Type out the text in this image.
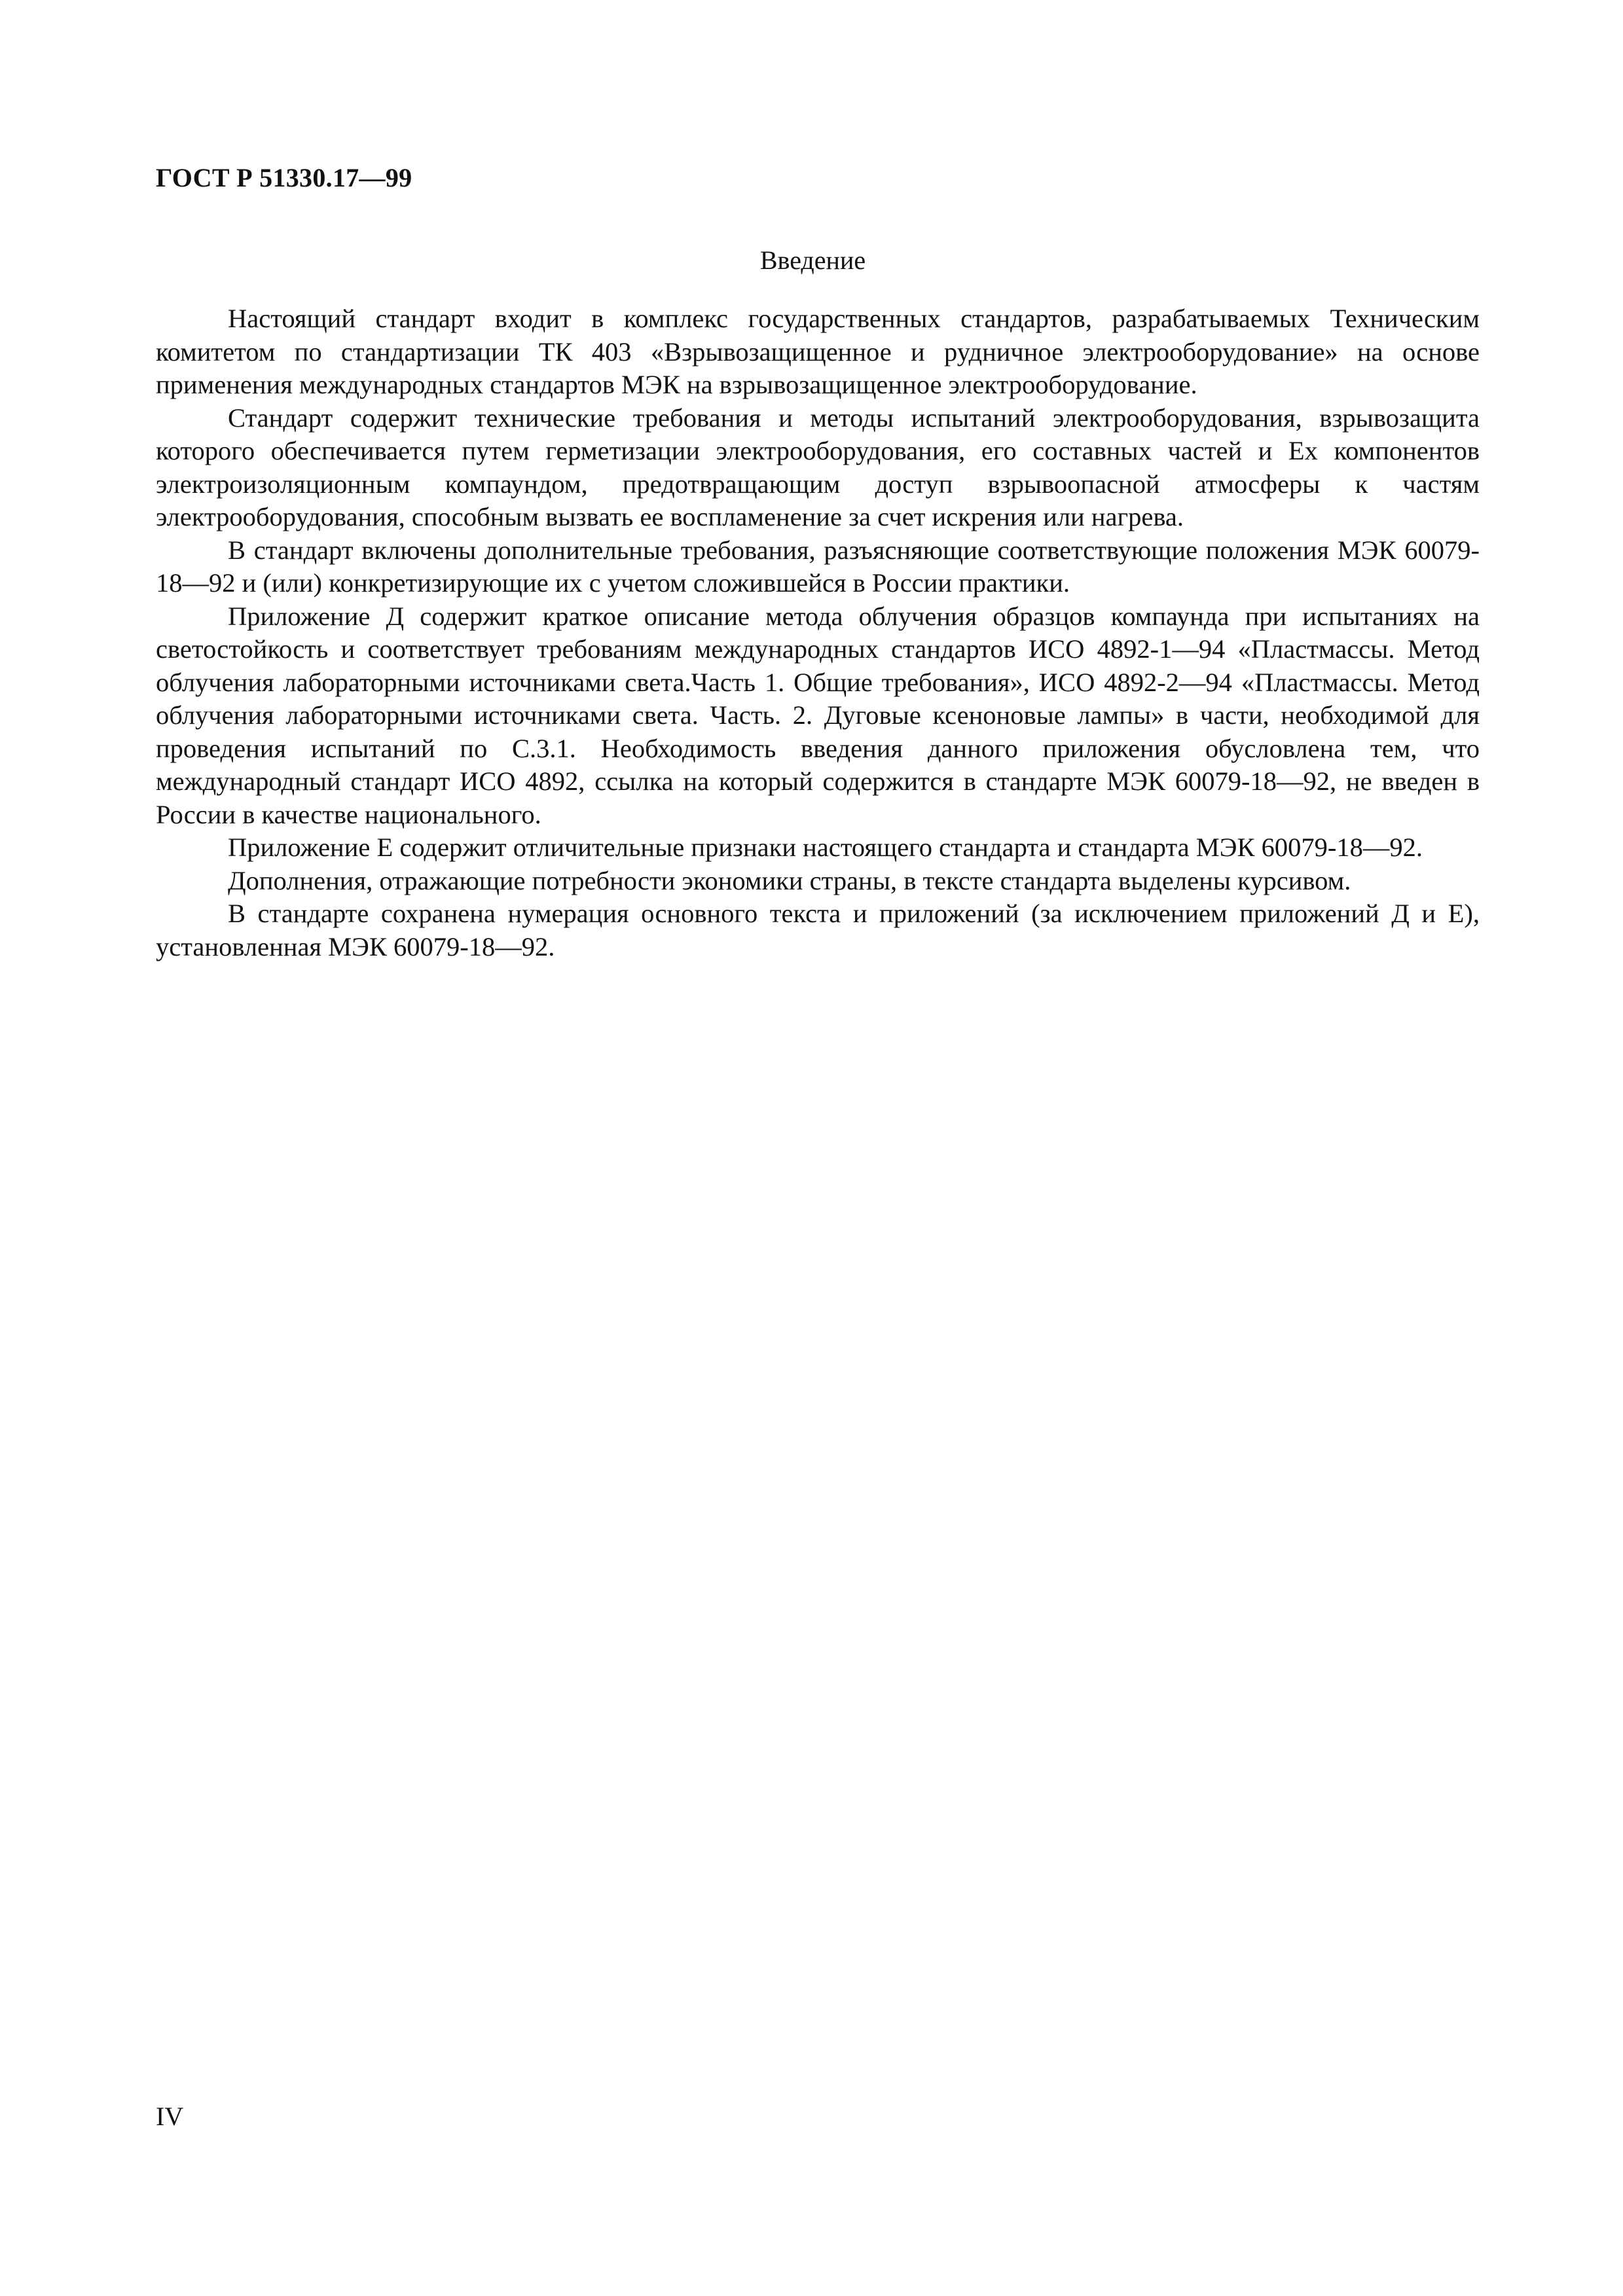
ГОСТ Р 51330.17—99
Введение

Настоящий стандарт входит в комплекс государственных стандартов, разрабатываемых Техническим комитетом по стандартизации ТК 403 «Взрывозащищенное и рудничное электрооборудование» на основе применения международных стандартов МЭК на взрывозащищенное электрооборудование.

Стандарт содержит технические требования и методы испытаний электрооборудования, взрывозащита которого обеспечивается путем герметизации электрооборудования, его составных частей и Ex компонентов электроизоляционным компаундом, предотвращающим доступ взрывоопасной атмосферы к частям электрооборудования, способным вызвать ее воспламенение за счет искрения или нагрева.

В стандарт включены дополнительные требования, разъясняющие соответствующие положения МЭК 60079-18—92 и (или) конкретизирующие их с учетом сложившейся в России практики.

Приложение Д содержит краткое описание метода облучения образцов компаунда при испытаниях на светостойкость и соответствует требованиям международных стандартов ИСО 4892-1—94 «Пластмассы. Метод облучения лабораторными источниками света.Часть 1. Общие требования», ИСО 4892-2—94 «Пластмассы. Метод облучения лабораторными источниками света. Часть. 2. Дуговые ксеноновые лампы» в части, необходимой для проведения испытаний по С.3.1. Необходимость введения данного приложения обусловлена тем, что международный стандарт ИСО 4892, ссылка на который содержится в стандарте МЭК 60079-18—92, не введен в России в качестве национального.

Приложение Е содержит отличительные признаки настоящего стандарта и стандарта МЭК 60079-18—92.

Дополнения, отражающие потребности экономики страны, в тексте стандарта выделены курсивом.

В стандарте сохранена нумерация основного текста и приложений (за исключением приложений Д и Е), установленная МЭК 60079-18—92.

IV
